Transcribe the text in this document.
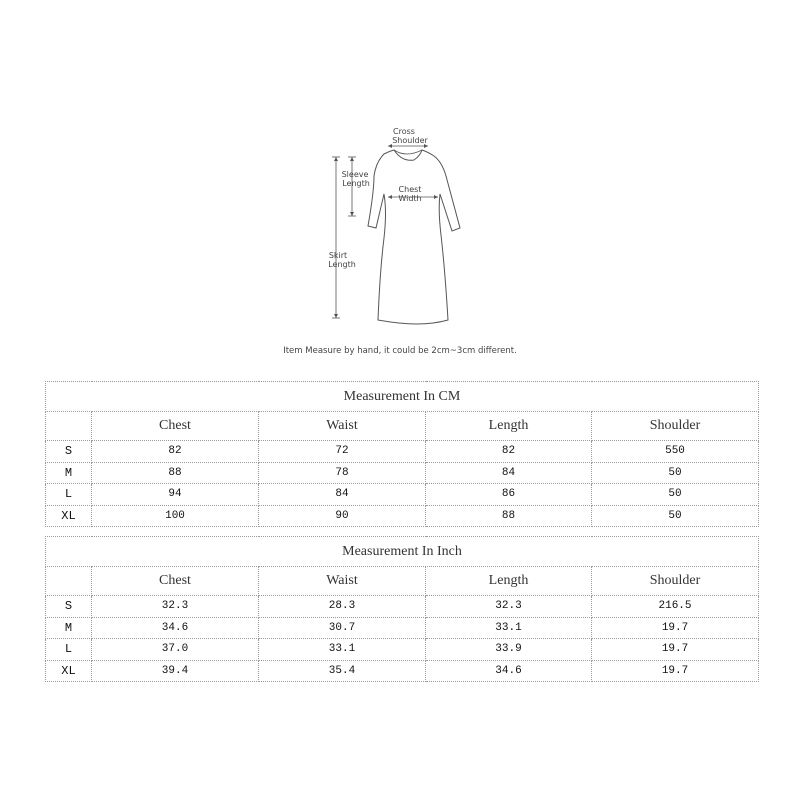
Cross
Shoulder
Sleeve
Length
Chest
Width
Skirt
Length
Item Measure by hand, it could be 2cm~3cm different.
Measurement In CM				
	Chest	Waist	Length	Shoulder
S	82	72	82	550
M	88	78	84	50
L	94	84	86	50
XL	100	90	88	50
Measurement In Inch				
	Chest	Waist	Length	Shoulder
S	32.3	28.3	32.3	216.5
M	34.6	30.7	33.1	19.7
L	37.0	33.1	33.9	19.7
XL	39.4	35.4	34.6	19.7
